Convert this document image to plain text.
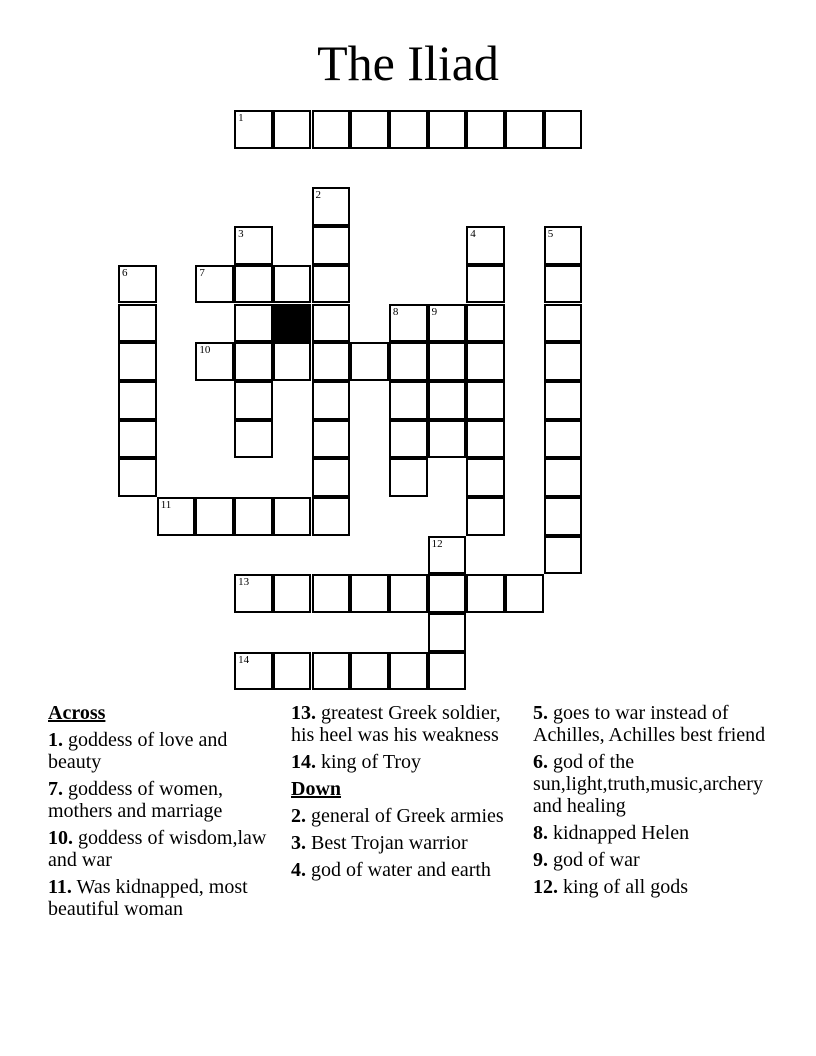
The Iliad
1
2
3	4	5
6	7
8	9
10
11
12
13
14
Across
1. goddess of love and beauty
7. goddess of women, mothers and marriage
10. goddess of wisdom,law and war
11. Was kidnapped, most beautiful woman
13. greatest Greek soldier, his heel was his weakness
14. king of Troy
Down
2. general of Greek armies
3. Best Trojan warrior
4. god of water and earth
5. goes to war instead of Achilles, Achilles best friend
6. god of the sun,light,truth,music,archery and healing
8. kidnapped Helen
9. god of war
12. king of all gods
